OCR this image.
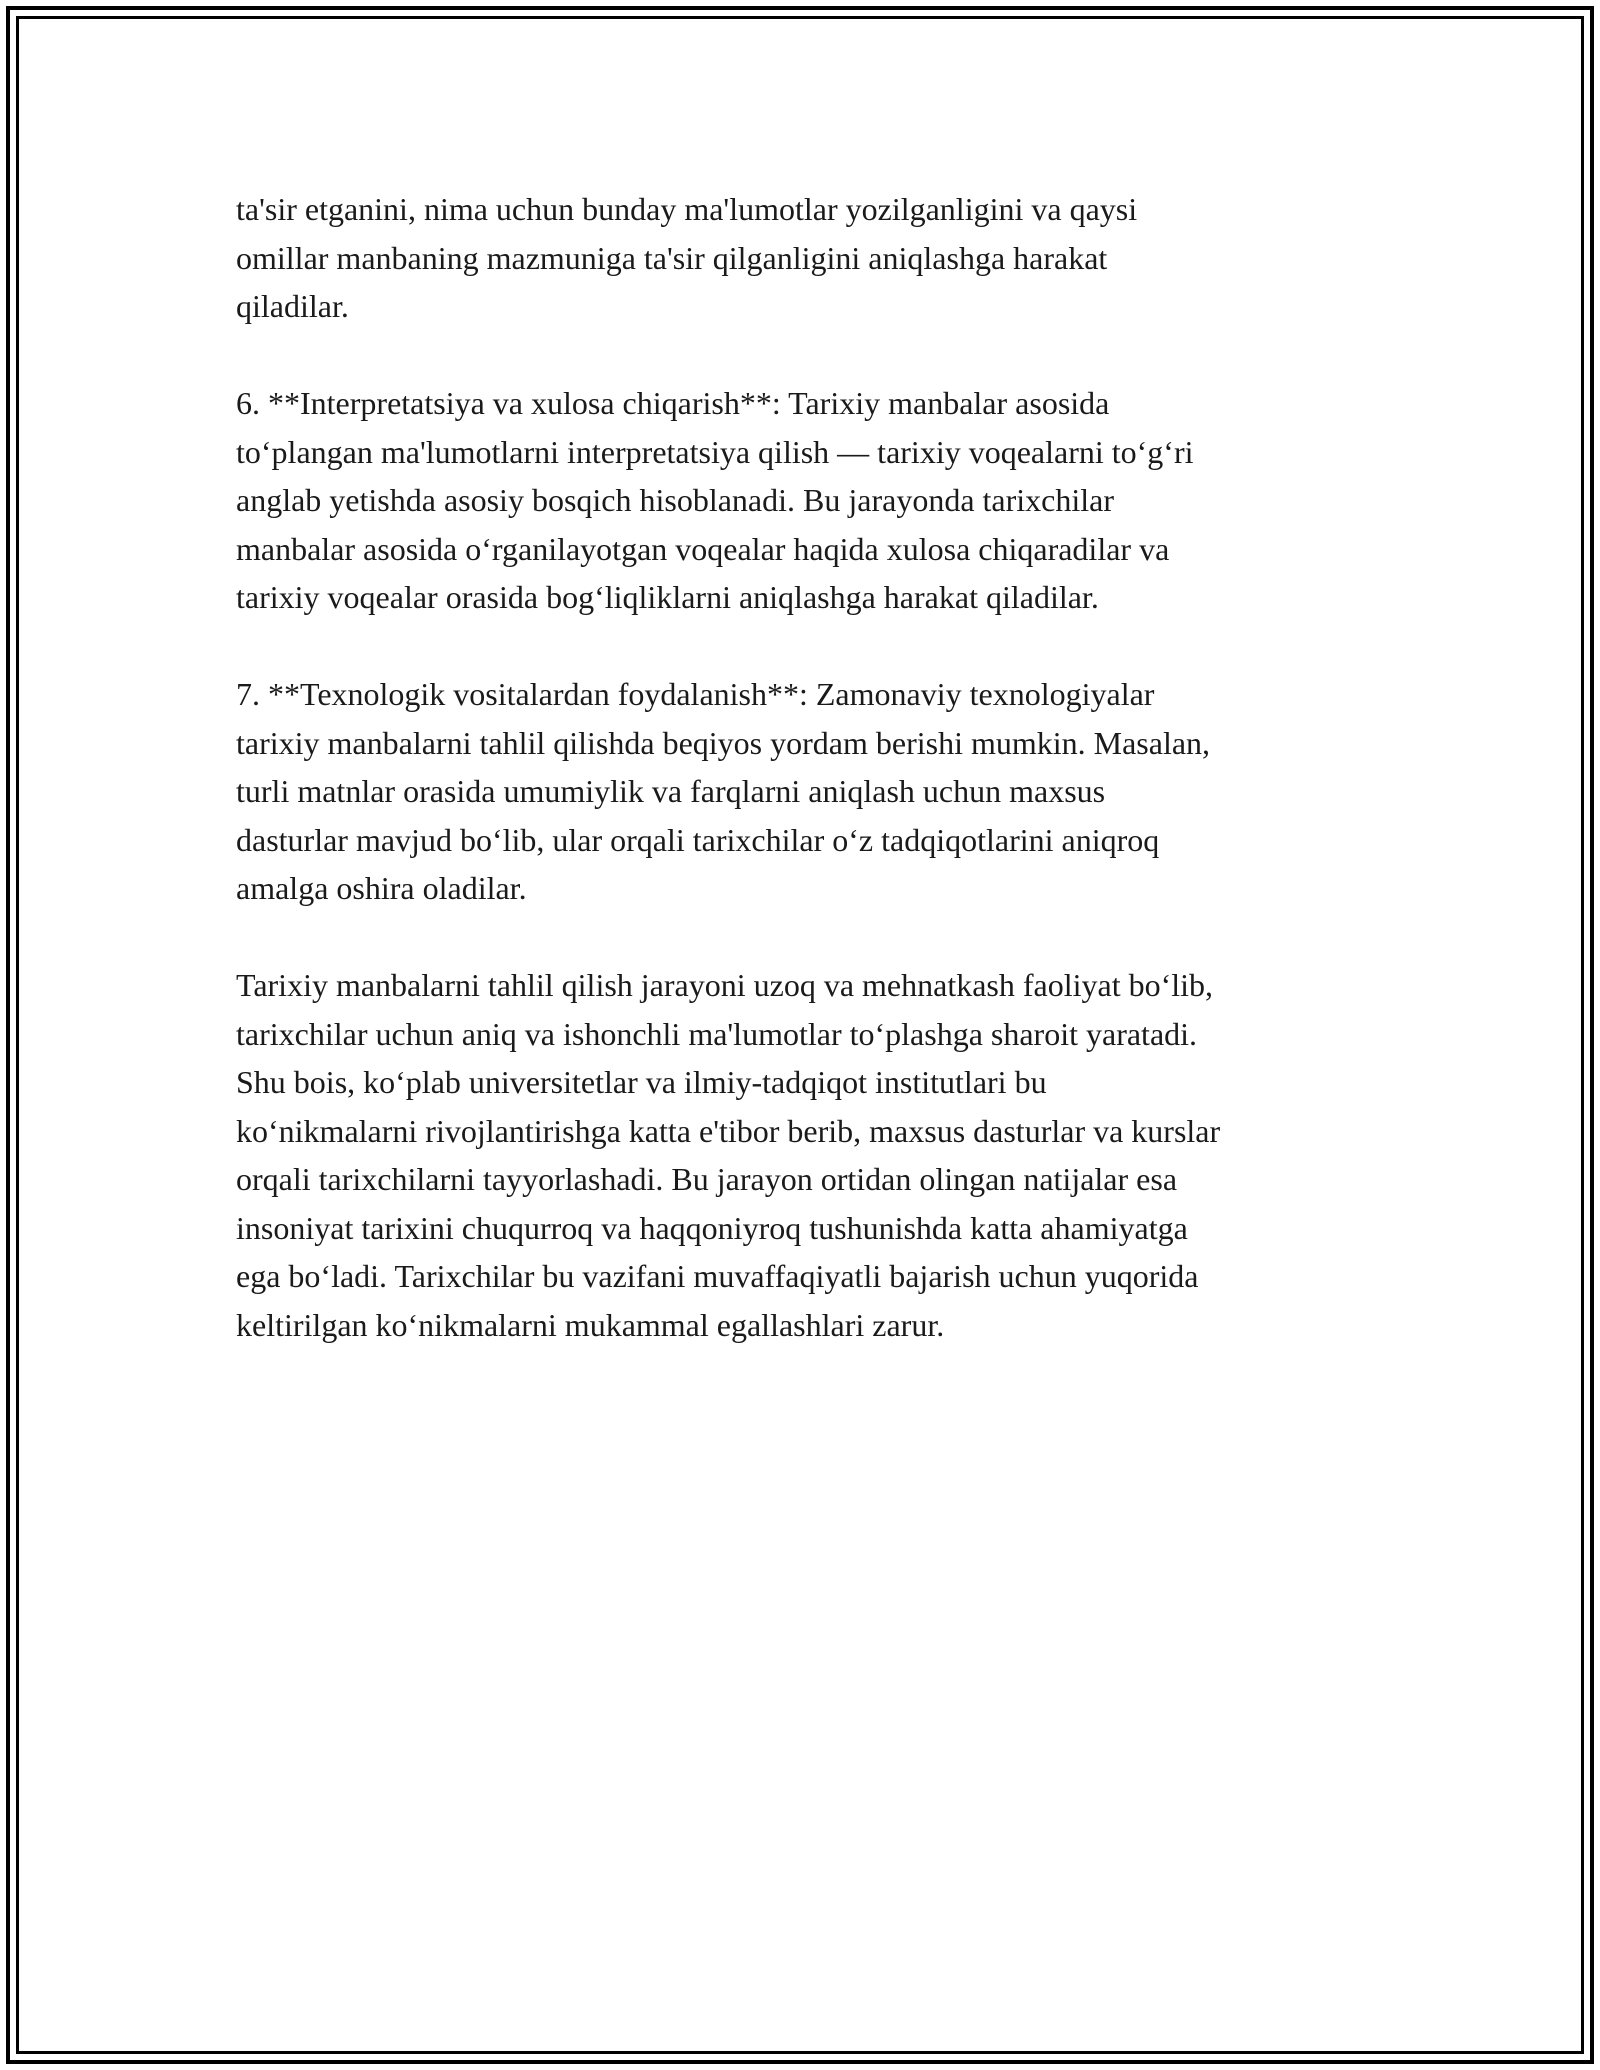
ta'sir etganini, nima uchun bunday ma'lumotlar yozilganligini va qaysi
omillar manbaning mazmuniga ta'sir qilganligini aniqlashga harakat
qiladilar.

6. **Interpretatsiya va xulosa chiqarish**: Tarixiy manbalar asosida
to‘plangan ma'lumotlarni interpretatsiya qilish — tarixiy voqealarni to‘g‘ri
anglab yetishda asosiy bosqich hisoblanadi. Bu jarayonda tarixchilar
manbalar asosida o‘rganilayotgan voqealar haqida xulosa chiqaradilar va
tarixiy voqealar orasida bog‘liqliklarni aniqlashga harakat qiladilar.

7. **Texnologik vositalardan foydalanish**: Zamonaviy texnologiyalar
tarixiy manbalarni tahlil qilishda beqiyos yordam berishi mumkin. Masalan,
turli matnlar orasida umumiylik va farqlarni aniqlash uchun maxsus
dasturlar mavjud bo‘lib, ular orqali tarixchilar o‘z tadqiqotlarini aniqroq
amalga oshira oladilar.

Tarixiy manbalarni tahlil qilish jarayoni uzoq va mehnatkash faoliyat bo‘lib,
tarixchilar uchun aniq va ishonchli ma'lumotlar to‘plashga sharoit yaratadi.
Shu bois, ko‘plab universitetlar va ilmiy-tadqiqot institutlari bu
ko‘nikmalarni rivojlantirishga katta e'tibor berib, maxsus dasturlar va kurslar
orqali tarixchilarni tayyorlashadi. Bu jarayon ortidan olingan natijalar esa
insoniyat tarixini chuqurroq va haqqoniyroq tushunishda katta ahamiyatga
ega bo‘ladi. Tarixchilar bu vazifani muvaffaqiyatli bajarish uchun yuqorida
keltirilgan ko‘nikmalarni mukammal egallashlari zarur.
